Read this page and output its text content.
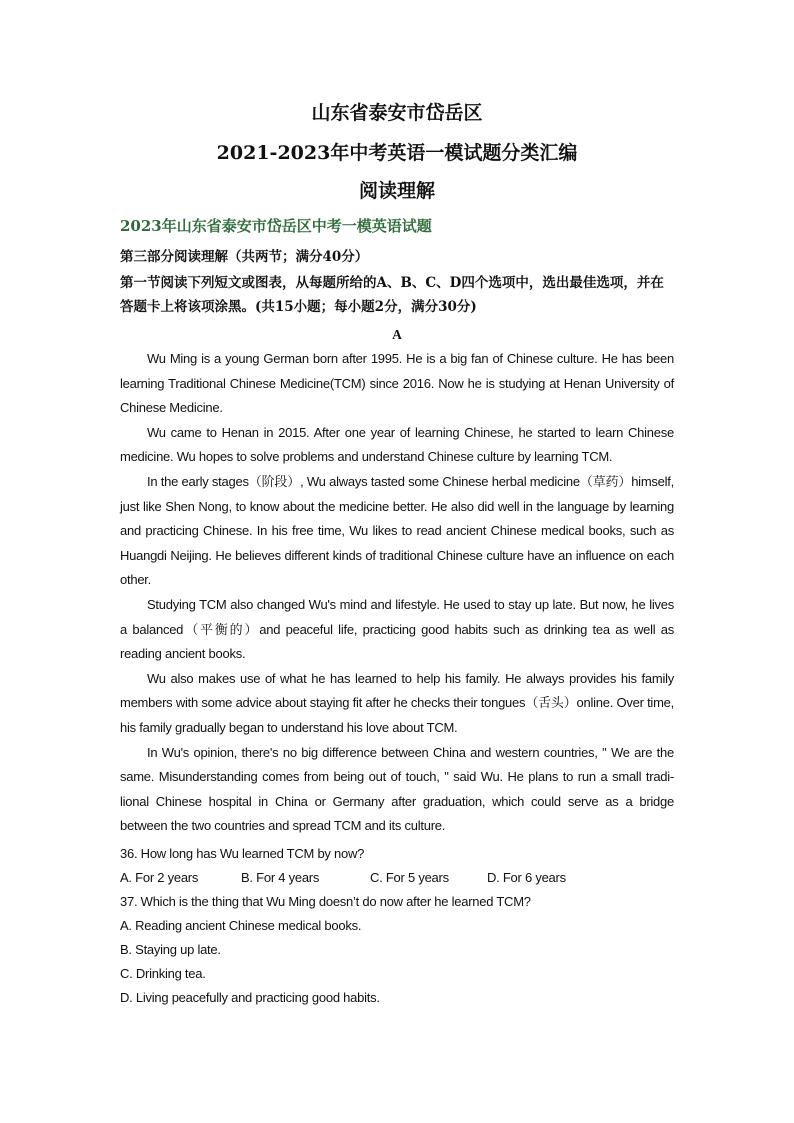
山东省泰安市岱岳区
2021-2023年中考英语一模试题分类汇编
阅读理解
2023年山东省泰安市岱岳区中考一模英语试题
第三部分阅读理解（共两节；满分40分）
第一节阅读下列短文或图表，从每题所给的A、B、C、D四个选项中，选出最佳选项，并在答题卡上将该项涂黑。(共15小题；每小题2分，满分30分)
A

Wu Ming is a young German born after 1995. He is a big fan of Chinese culture. He has been learning Traditional Chinese Medicine(TCM) since 2016. Now he is studying at Henan University of Chinese Medicine.

Wu came to Henan in 2015. After one year of learning Chinese, he started to learn Chinese medicine. Wu hopes to solve problems and understand Chinese culture by learning TCM.

In the early stages（阶段）, Wu always tasted some Chinese herbal medicine（草药）himself, just like Shen Nong, to know about the medicine better. He also did well in the language by learning and practicing Chinese. In his free time, Wu likes to read ancient Chinese medical books, such as Huangdi Neijing. He believes different kinds of traditional Chinese culture have an influence on each other.

Studying TCM also changed Wu's mind and lifestyle. He used to stay up late. But now, he lives a balanced（平衡的）and peaceful life, practicing good habits such as drinking tea as well as reading ancient books.

Wu also makes use of what he has learned to help his family. He always provides his family members with some advice about staying fit after he checks their tongues（舌头）online. Over time, his family gradually began to understand his love about TCM.

In Wu's opinion, there's no big difference between China and western countries, " We are the same. Misunderstanding comes from being out of touch, " said Wu. He plans to run a small tradi-lional Chinese hospital in China or Germany after graduation, which could serve as a bridge between the two countries and spread TCM and its culture.

36. How long has Wu learned TCM by now?
A. For 2 years	B. For 4 years	C. For 5 years	D. For 6 years
37. Which is the thing that Wu Ming doesn’t do now after he learned TCM?
A. Reading ancient Chinese medical books.
B. Staying up late.
C. Drinking tea.
D. Living peacefully and practicing good habits.
